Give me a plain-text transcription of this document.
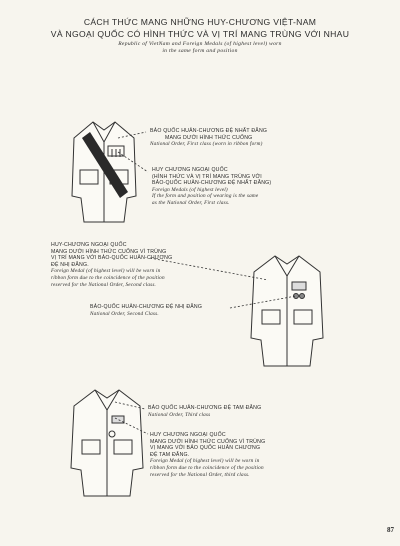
CÁCH THỨC MANG NHỮNG HUY-CHƯƠNG VIỆT-NAM
VÀ NGOẠI QUỐC CÓ HÌNH THỨC VÀ VỊ TRÍ MANG TRÙNG VỚI NHAU
Republic of VietNam and Foreign Medals (of highest level) worn
in the same form and position
BẢO QUỐC HUÂN-CHƯƠNG ĐỆ NHẤT ĐẲNG
MANG DƯỚI HÌNH THỨC CUỐNG
National Order, First class (worn in ribbon form)
HUY CHƯƠNG NGOẠI QUỐC
(HÌNH THỨC VÀ VỊ TRÍ MANG TRÙNG VỚI
BẢO-QUỐC HUÂN-CHƯƠNG ĐỆ NHẤT ĐẲNG)
Foreign Medals (of highest level)
If the form and position of wearing is the same
as the National Order, First class.
HUY-CHƯƠNG NGOẠI QUỐC
MANG DƯỚI HÌNH THỨC CUỐNG VÌ TRÙNG
VỊ TRÍ MANG VỚI BẢO-QUỐC HUÂN-CHƯƠNG
ĐỆ NHỊ ĐẲNG.
Foreign Medal (of highest level) will be worn in
ribbon form due to the coincidence of the position
reserved for the National Order, Second class.
BẢO-QUỐC HUÂN-CHƯƠNG ĐỆ NHỊ ĐẲNG
National Order, Second Class.
BẢO QUỐC HUÂN-CHƯƠNG ĐỆ TAM ĐẲNG
National Order, Third class
HUY CHƯƠNG NGOẠI QUỐC
MANG DƯỚI HÌNH THỨC CUỐNG VÌ TRÙNG
VỊ MANG VỚI BẢO QUỐC HUÂN CHƯƠNG
ĐỆ TAM ĐẲNG.
Foreign Medal (of highest level) will be worn in
ribbon form due to the coincidence of the position
reserved for the National Order, third class.
87
